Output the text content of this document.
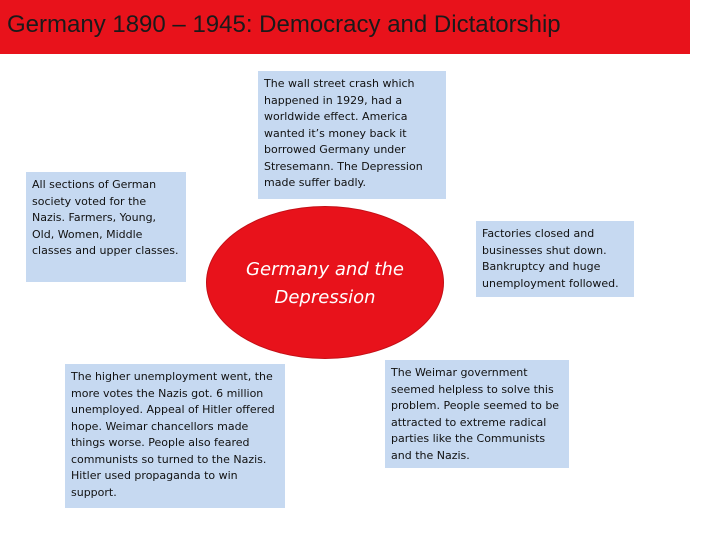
Germany 1890 – 1945: Democracy and Dictatorship
The wall street crash which happened in 1929, had a worldwide effect. America wanted it’s money back it borrowed Germany under Stresemann. The Depression made suffer badly.
All sections of German society voted for the Nazis. Farmers, Young, Old, Women, Middle classes and upper classes.
Germany and the Depression
Factories closed and businesses shut down. Bankruptcy and huge unemployment followed.
The higher unemployment went, the more votes the Nazis got. 6 million unemployed. Appeal of Hitler offered hope. Weimar chancellors made things worse. People also feared communists so turned to the Nazis. Hitler used propaganda to win support.
The Weimar government seemed helpless to solve this problem. People seemed to be attracted to extreme radical parties like the Communists and the Nazis.
